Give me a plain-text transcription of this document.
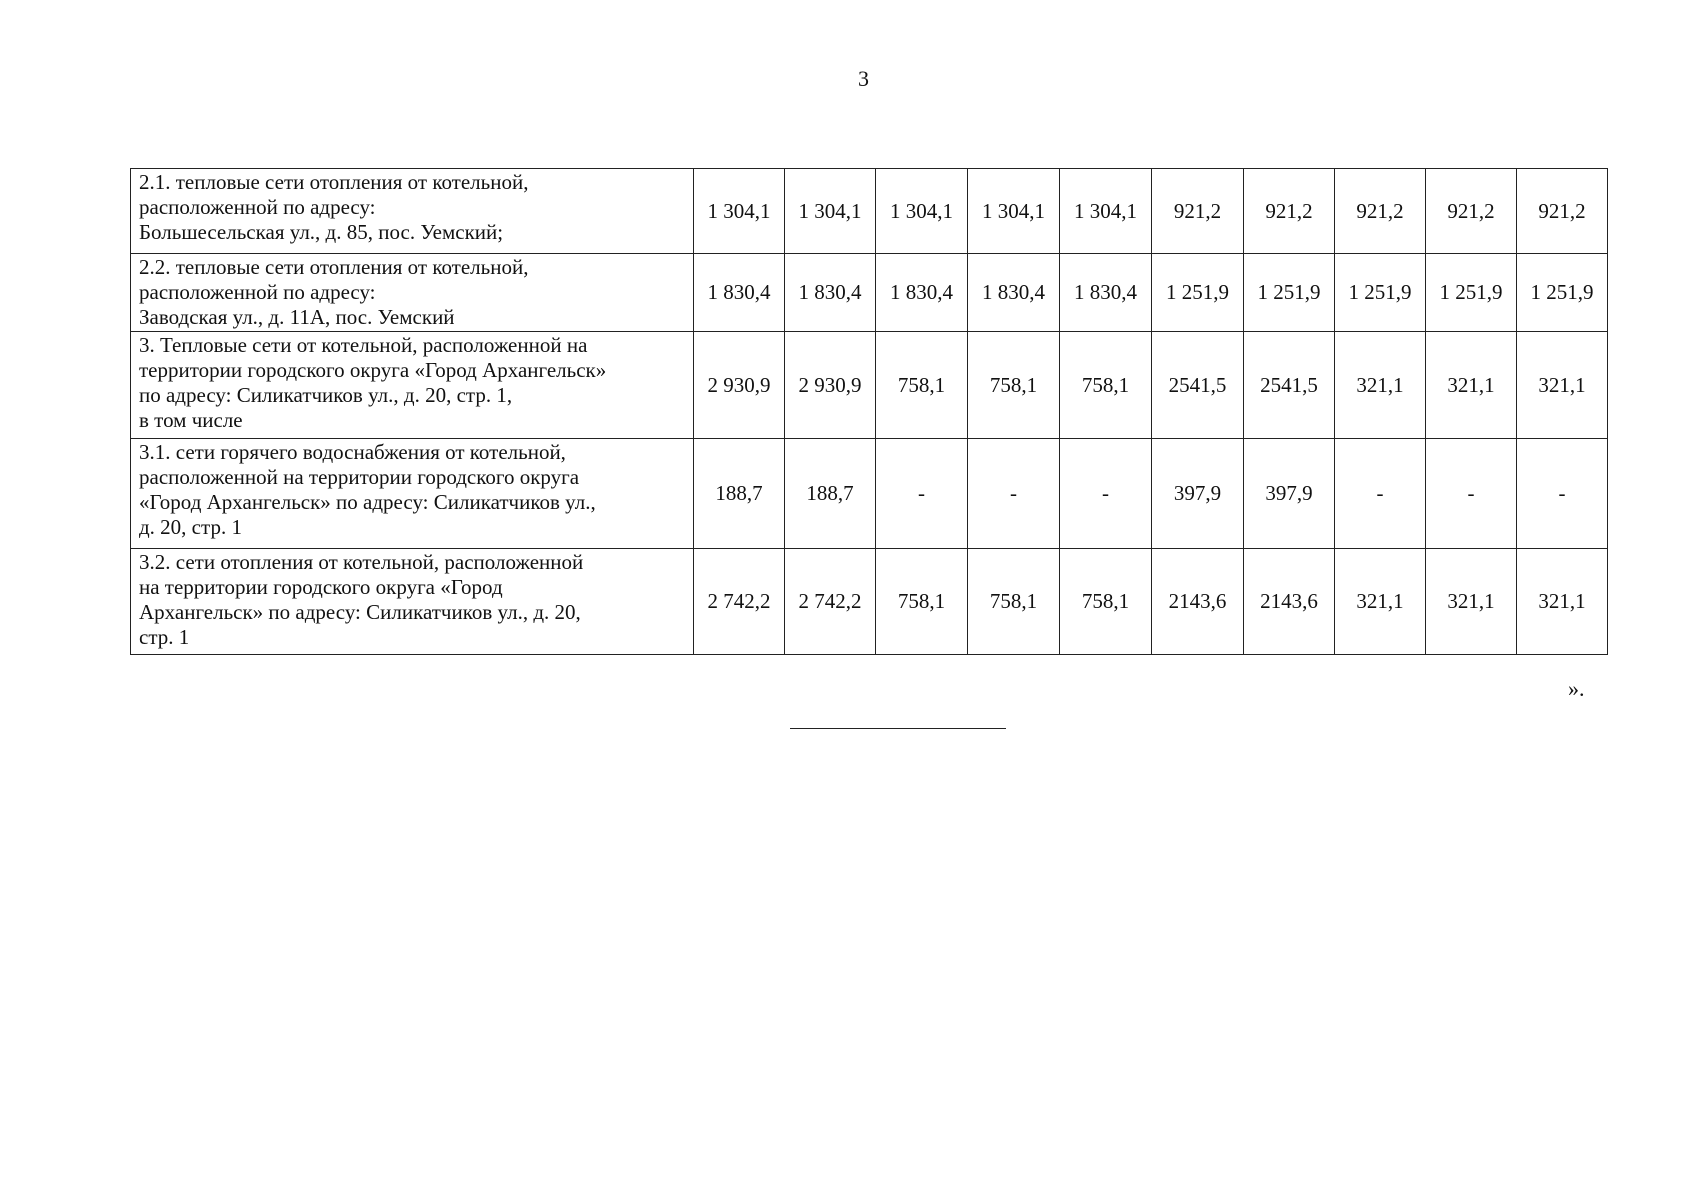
3
2.1. тепловые сети отопления от котельной,
расположенной по адресу:
Большесельская ул., д. 85, пос. Уемский;	1 304,1	1 304,1	1 304,1	1 304,1	1 304,1	921,2	921,2	921,2	921,2	921,2

2.2. тепловые сети отопления от котельной,
расположенной по адресу:
Заводская ул., д. 11А, пос. Уемский	1 830,4	1 830,4	1 830,4	1 830,4	1 830,4	1 251,9	1 251,9	1 251,9	1 251,9	1 251,9

3. Тепловые сети от котельной, расположенной на
территории городского округа «Город Архангельск»
по адресу: Силикатчиков ул., д. 20, стр. 1,
в том числе	2 930,9	2 930,9	758,1	758,1	758,1	2541,5	2541,5	321,1	321,1	321,1

3.1. сети горячего водоснабжения от котельной,
расположенной на территории городского округа
«Город Архангельск» по адресу: Силикатчиков ул.,
д. 20, стр. 1	188,7	188,7	-	-	-	397,9	397,9	-	-	-

3.2. сети отопления от котельной, расположенной
на территории городского округа «Город
Архангельск» по адресу: Силикатчиков ул., д. 20,
стр. 1	2 742,2	2 742,2	758,1	758,1	758,1	2143,6	2143,6	321,1	321,1	321,1
».
